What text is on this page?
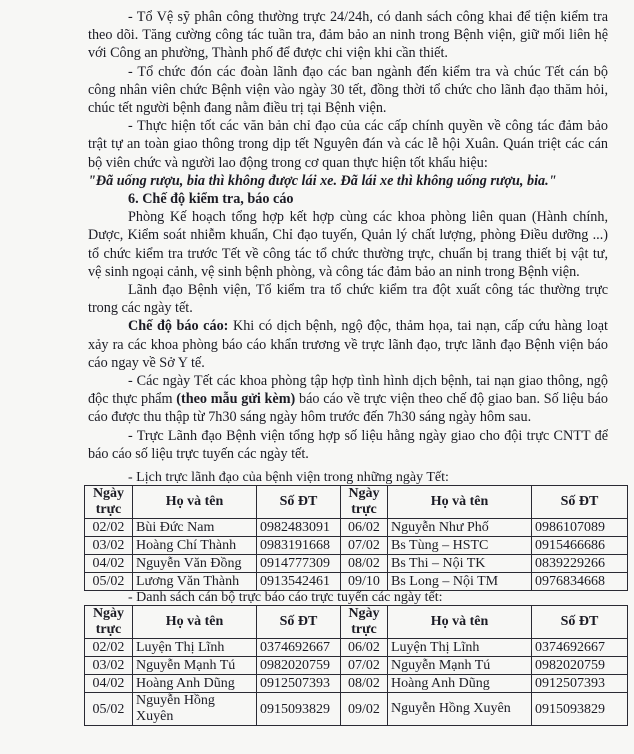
- Tổ Vệ sỹ phân công thường trực 24/24h, có danh sách công khai để tiện kiểm tra theo dõi. Tăng cường công tác tuần tra, đảm bảo an ninh trong Bệnh viện, giữ mối liên hệ với Công an phường, Thành phố để được chi viện khi cần thiết.

- Tổ chức đón các đoàn lãnh đạo các ban ngành đến kiểm tra và chúc Tết cán bộ công nhân viên chức Bệnh viện vào ngày 30 tết, đồng thời tổ chức cho lãnh đạo thăm hỏi, chúc tết người bệnh đang nằm điều trị tại Bệnh viện.

- Thực hiện tốt các văn bản chỉ đạo của các cấp chính quyền về công tác đảm bảo trật tự an toàn giao thông trong dịp tết Nguyên đán và các lễ hội Xuân. Quán triệt các cán bộ viên chức và người lao động trong cơ quan thực hiện tốt khẩu hiệu:

"Đã uống rượu, bia thì không được lái xe. Đã lái xe thì không uống rượu, bia."

6. Chế độ kiểm tra, báo cáo

Phòng Kế hoạch tổng hợp kết hợp cùng các khoa phòng liên quan (Hành chính, Dược, Kiểm soát nhiễm khuẩn, Chỉ đạo tuyến, Quản lý chất lượng, phòng Điều dưỡng ...) tổ chức kiểm tra trước Tết về công tác tổ chức thường trực, chuẩn bị trang thiết bị vật tư, vệ sinh ngoại cảnh, vệ sinh bệnh phòng, và công tác đảm bảo an ninh trong Bệnh viện.

Lãnh đạo Bệnh viện, Tổ kiểm tra tổ chức kiểm tra đột xuất công tác thường trực trong các ngày tết.

Chế độ báo cáo: Khi có dịch bệnh, ngộ độc, thảm họa, tai nạn, cấp cứu hàng loạt xảy ra các khoa phòng báo cáo khẩn trương về trực lãnh đạo, trực lãnh đạo Bệnh viện báo cáo ngay về Sở Y tế.

- Các ngày Tết các khoa phòng tập hợp tình hình dịch bệnh, tai nạn giao thông, ngộ độc thực phẩm (theo mẫu gửi kèm) báo cáo về trực viện theo chế độ giao ban. Số liệu báo cáo được thu thập từ 7h30 sáng ngày hôm trước đến 7h30 sáng ngày hôm sau.

- Trực Lãnh đạo Bệnh viện tổng hợp số liệu hằng ngày giao cho đội trực CNTT để báo cáo số liệu trực tuyến các ngày tết.

- Lịch trực lãnh đạo của bệnh viện trong những ngày Tết:
Ngày trực	Họ và tên	Số ĐT	Ngày trực	Họ và tên	Số ĐT
02/02	Bùi Đức Nam	0982483091	06/02	Nguyễn Như Phố	0986107089
03/02	Hoàng Chí Thành	0983191668	07/02	Bs Tùng – HSTC	0915466686
04/02	Nguyễn Văn Đồng	0914777309	08/02	Bs Thi – Nội TK	0839229266
05/02	Lương Văn Thành	0913542461	09/10	Bs Long – Nội TM	0976834668
- Danh sách cán bộ trực báo cáo trực tuyến các ngày tết:
Ngày trực	Họ và tên	Số ĐT	Ngày trực	Họ và tên	Số ĐT
02/02	Luyện Thị Lĩnh	0374692667	06/02	Luyện Thị Lĩnh	0374692667
03/02	Nguyễn Mạnh Tú	0982020759	07/02	Nguyễn Mạnh Tú	0982020759
04/02	Hoàng Anh Dũng	0912507393	08/02	Hoàng Anh Dũng	0912507393
05/02	Nguyễn Hồng Xuyên	0915093829	09/02	Nguyễn Hồng Xuyên	0915093829
